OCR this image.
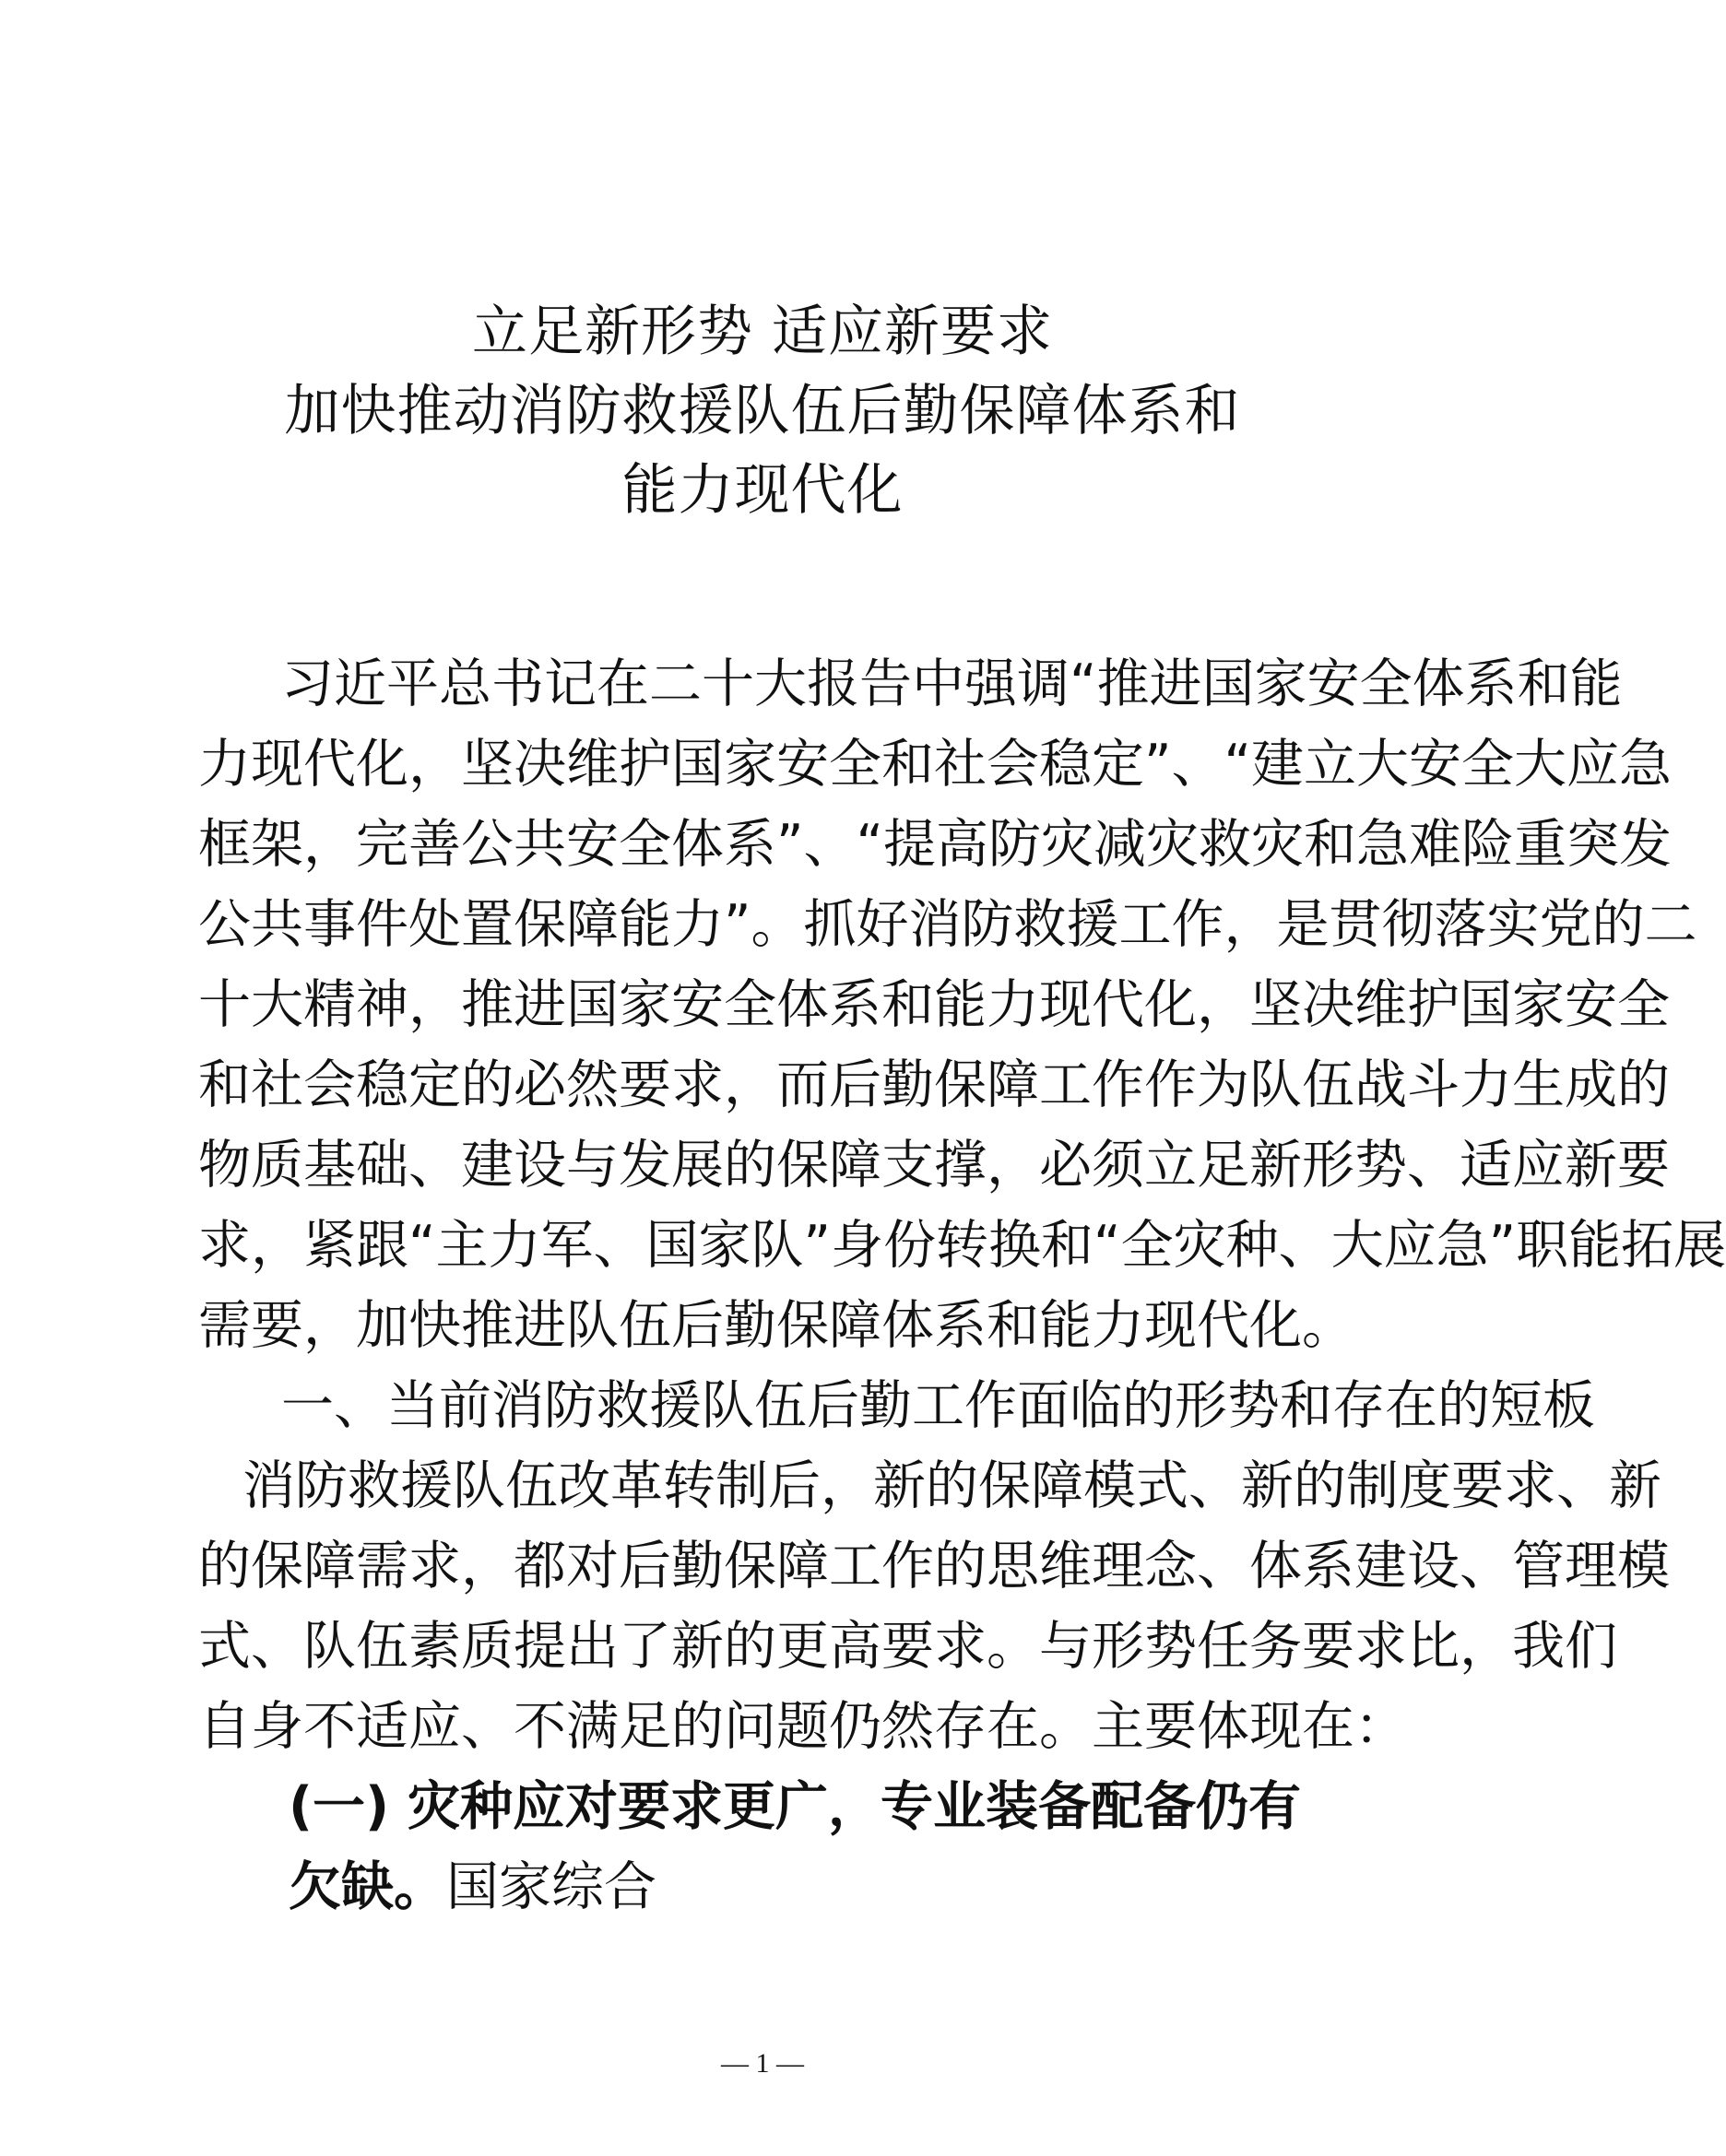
立足新形势 适应新要求
加快推动消防救援队伍后勤保障体系和
能力现代化
习近平总书记在二十大报告中强调“推进国家安全体系和能
力现代化，坚决维护国家安全和社会稳定”、“建立大安全大应急
框架，完善公共安全体系”、“提高防灾减灾救灾和急难险重突发
公共事件处置保障能力”。抓好消防救援工作，是贯彻落实党的二
十大精神，推进国家安全体系和能力现代化，坚决维护国家安全
和社会稳定的必然要求，而后勤保障工作作为队伍战斗力生成的
物质基础、建设与发展的保障支撑，必须立足新形势、适应新要
求，紧跟“主力军、国家队”身份转换和“全灾种、大应急”职能拓展
需要，加快推进队伍后勤保障体系和能力现代化。
一、当前消防救援队伍后勤工作面临的形势和存在的短板
消防救援队伍改革转制后，新的保障模式、新的制度要求、新
的保障需求，都对后勤保障工作的思维理念、体系建设、管理模
式、队伍素质提出了新的更高要求。与形势任务要求比，我们
自身不适应、不满足的问题仍然存在。主要体现在：
(一) 灾种应对要求更广，专业装备配备仍有欠缺。国家综合
— 1 —
